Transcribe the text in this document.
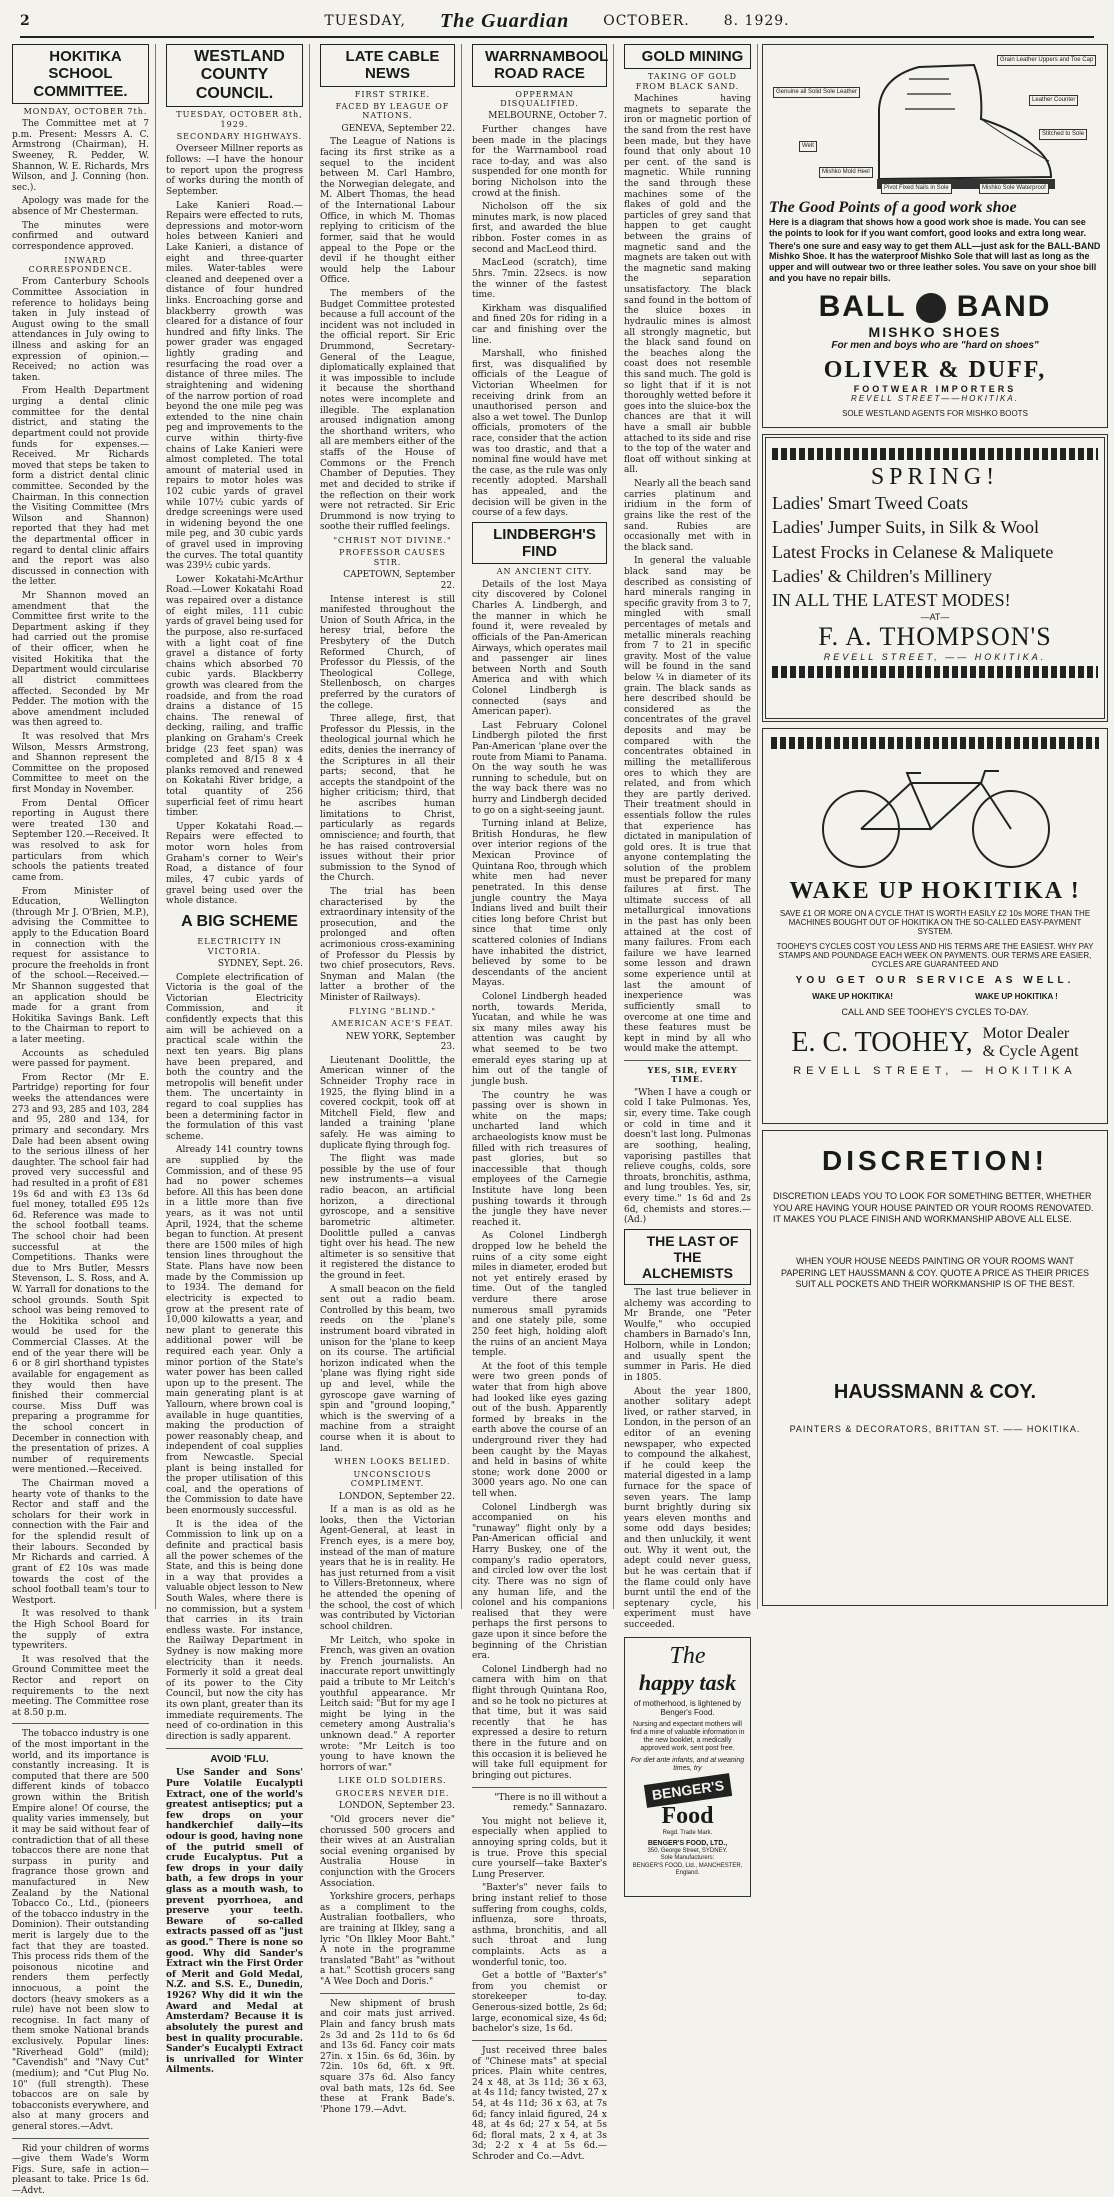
2	TUESDAY, The Guardian OCTOBER. 8. 1929.

HOKITIKA SCHOOL COMMITTEE.

MONDAY, OCTOBER 7th.

The Committee met at 7 p.m. Present: Messrs A. C. Armstrong (Chairman), H. Sweeney, R. Pedder, W. Shannon, W. E. Richards, Mrs Wilson, and J. Conning (hon. sec.).

Apology was made for the absence of Mr Chesterman.

The minutes were confirmed and outward correspondence approved.

INWARD CORRESPONDENCE.

From Canterbury Schools Committee Association in reference to holidays being taken in July instead of August owing to the small attendances in July owing to illness and asking for an expression of opinion.—Received; no action was taken.

From Health Department urging a dental clinic committee for the dental district, and stating the department could not provide funds for expenses.—Received. Mr Richards moved that steps be taken to form a district dental clinic committee. Seconded by the Chairman. In this connection the Visiting Committee (Mrs Wilson and Shannon) reported that they had met the departmental officer in regard to dental clinic affairs and the report was also discussed in connection with the letter.

Mr Shannon moved an amendment that the Committee first write to the Department asking if they had carried out the promise of their officer, when he visited Hokitika that the Department would circularise all district committees affected. Seconded by Mr Pedder. The motion with the above amendment included was then agreed to.

It was resolved that Mrs Wilson, Messrs Armstrong, and Shannon represent the Committee on the proposed Committee to meet on the first Monday in November.

From Dental Officer reporting in August there were treated 130 and September 120.—Received. It was resolved to ask for particulars from which schools the patients treated came from.

From Minister of Education, Wellington (through Mr J. O'Brien, M.P.), advising the Committee to apply to the Education Board in connection with the request for assistance to procure the freeholds in front of the school.—Received.—Mr Shannon suggested that an application should be made for a grant from Hokitika Savings Bank. Left to the Chairman to report to a later meeting.

Accounts as scheduled were passed for payment.

From Rector (Mr E. Partridge) reporting for four weeks the attendances were 273 and 93, 285 and 103, 284 and 95, 280 and 134, for primary and secondary. Mrs Dale had been absent owing to the serious illness of her daughter. The school fair had proved very successful and had resulted in a profit of £81 19s 6d and with £3 13s 6d fuel money, totalled £95 12s 6d. Reference was made to the school football teams. The school choir had been successful at the Competitions. Thanks were due to Mrs Butler, Messrs Stevenson, L. S. Ross, and A. W. Yarrall for donations to the school grounds. South Spit school was being removed to the Hokitika school and would be used for the Commercial Classes. At the end of the year there will be 6 or 8 girl shorthand typistes available for engagement as they would then have finished their commercial course. Miss Duff was preparing a programme for the school concert in December in connection with the presentation of prizes. A number of requirements were mentioned.—Received.

The Chairman moved a hearty vote of thanks to the Rector and staff and the scholars for their work in connection with the Fair and for the splendid result of their labours. Seconded by Mr Richards and carried. A grant of £2 10s was made towards the cost of the school football team's tour to Westport.

It was resolved to thank the High School Board for the supply of extra typewriters.

It was resolved that the Ground Committee meet the Rector and report on requirements to the next meeting. The Committee rose at 8.50 p.m.

The tobacco industry is one of the most important in the world, and its importance is constantly increasing. It is computed that there are 500 different kinds of tobacco grown within the British Empire alone! Of course, the quality varies immensely, but it may be said without fear of contradiction that of all these tobaccos there are none that surpass in purity and fragrance those grown and manufactured in New Zealand by the National Tobacco Co., Ltd., (pioneers of the tobacco industry in the Dominion). Their outstanding merit is largely due to the fact that they are toasted. This process rids them of the poisonous nicotine and renders them perfectly innocuous, a point the doctors (heavy smokers as a rule) have not been slow to recognise. In fact many of them smoke National brands exclusively. Popular lines: "Riverhead Gold" (mild); "Cavendish" and "Navy Cut" (medium); and "Cut Plug No. 10" (full strength). These tobaccos are on sale by tobacconists everywhere, and also at many grocers and general stores.—Advt.

Rid your children of worms—give them Wade's Worm Figs. Sure, safe in action—pleasant to take. Price 1s 6d.—Advt.

WESTLAND COUNTY COUNCIL.

TUESDAY, OCTOBER 8th, 1929.

SECONDARY HIGHWAYS.

Overseer Millner reports as follows: —I have the honour to report upon the progress of works during the month of September.

Lake Kanieri Road.—Repairs were effected to ruts, depressions and motor-worn holes between Kanieri and Lake Kanieri, a distance of eight and three-quarter miles. Water-tables were cleaned and deepened over a distance of four hundred links. Encroaching gorse and blackberry growth was cleared for a distance of four hundred and fifty links. The power grader was engaged lightly grading and resurfacing the road over a distance of three miles. The straightening and widening of the narrow portion of road beyond the one mile peg was extended to the nine chain peg and improvements to the curve within thirty-five chains of Lake Kanieri were almost completed. The total amount of material used in repairs to motor holes was 102 cubic yards of gravel while 107½ cubic yards of dredge screenings were used in widening beyond the one mile peg, and 30 cubic yards of gravel used in improving the curves. The total quantity was 239½ cubic yards.

Lower Kokatahi-McArthur Road.—Lower Kokatahi Road was repaired over a distance of eight miles, 111 cubic yards of gravel being used for the purpose, also re-surfaced with a light coat of fine gravel a distance of forty chains which absorbed 70 cubic yards. Blackberry growth was cleared from the roadside, and from the road drains a distance of 15 chains. The renewal of decking, railing, and traffic planking on Graham's Creek bridge (23 feet span) was completed and 8/15 8 x 4 planks removed and renewed on Kokatahi River bridge, a total quantity of 256 superficial feet of rimu heart timber.

Upper Kokatahi Road.—Repairs were effected to motor worn holes from Graham's corner to Weir's Road, a distance of four miles, 47 cubic yards of gravel being used over the whole distance.

A BIG SCHEME

ELECTRICITY IN VICTORIA.

SYDNEY, Sept. 26.

Complete electrification of Victoria is the goal of the Victorian Electricity Commission, and it confidently expects that this aim will be achieved on a practical scale within the next ten years. Big plans have been prepared, and both the country and the metropolis will benefit under them. The uncertainty in regard to coal supplies has been a determining factor in the formulation of this vast scheme.

Already 141 country towns are supplied by the Commission, and of these 95 had no power schemes before. All this has been done in a little more than five years, as it was not until April, 1924, that the scheme began to function. At present there are 1500 miles of high tension lines throughout the State. Plans have now been made by the Commission up to 1934. The demand for electricity is expected to grow at the present rate of 10,000 kilowatts a year, and new plant to generate this additional power will be required each year. Only a minor portion of the State's water power has been called upon up to the present. The main generating plant is at Yallourn, where brown coal is available in huge quantities, making the production of power reasonably cheap, and independent of coal supplies from Newcastle. Special plant is being installed for the proper utilisation of this coal, and the operations of the Commission to date have been enormously successful.

It is the idea of the Commission to link up on a definite and practical basis all the power schemes of the State, and this is being done in a way that provides a valuable object lesson to New South Wales, where there is no commission, but a system that carries in its train endless waste. For instance, the Railway Department in Sydney is now making more electricity than it needs. Formerly it sold a great deal of its power to the City Council, but now the city has its own plant, greater than its immediate requirements. The need of co-ordination in this direction is sadly apparent.

AVOID 'FLU.

Use Sander and Sons' Pure Volatile Eucalypti Extract, one of the world's greatest antiseptics; put a few drops on your handkerchief daily—its odour is good, having none of the putrid smell of crude Eucalyptus. Put a few drops in your daily bath, a few drops in your glass as a mouth wash, to prevent pyorrhoea, and preserve your teeth. Beware of so-called extracts passed off as "just as good." There is none so good. Why did Sander's Extract win the First Order of Merit and Gold Medal, N.Z. and S.S. E., Dunedin, 1926? Why did it win the Award and Medal at Amsterdam? Because it is absolutely the purest and best in quality procurable. Sander's Eucalypti Extract is unrivalled for Winter Ailments.

LATE CABLE NEWS

FIRST STRIKE.

FACED BY LEAGUE OF NATIONS.

GENEVA, September 22.

The League of Nations is facing its first strike as a sequel to the incident between M. Carl Hambro, the Norwegian delegate, and M. Albert Thomas, the head of the International Labour Office, in which M. Thomas replying to criticism of the former, said that he would appeal to the Pope or the devil if he thought either would help the Labour Office.

The members of the Budget Committee protested because a full account of the incident was not included in the official report. Sir Eric Drummond, Secretary-General of the League, diplomatically explained that it was impossible to include it because the shorthand notes were incomplete and illegible. The explanation aroused indignation among the shorthand writers, who all are members either of the staffs of the House of Commons or the French Chamber of Deputies. They met and decided to strike if the reflection on their work were not retracted. Sir Eric Drummond is now trying to soothe their ruffled feelings.

"CHRIST NOT DIVINE."

PROFESSOR CAUSES STIR.

CAPETOWN, September 22.

Intense interest is still manifested throughout the Union of South Africa, in the heresy trial, before the Presbytery of the Dutch Reformed Church, of Professor du Plessis, of the Theological College, Stellenbosch, on charges preferred by the curators of the college.

Three allege, first, that Professor du Plessis, in the theological journal which he edits, denies the inerrancy of the Scriptures in all their parts; second, that he accepts the standpoint of the higher criticism; third, that he ascribes human limitations to Christ, particularly as regards omniscience; and fourth, that he has raised controversial issues without their prior submission to the Synod of the Church.

The trial has been characterised by the extraordinary intensity of the prosecution, and the prolonged and often acrimonious cross-examining of Professor du Plessis by two chief prosecutors, Revs. Snyman and Malan (the latter a brother of the Minister of Railways).

FLYING "BLIND."

AMERICAN ACE'S FEAT.

NEW YORK, September 23.

Lieutenant Doolittle, the American winner of the Schneider Trophy race in 1925, the flying blind in a covered cockpit, took off at Mitchell Field, flew and landed a training 'plane safely. He was aiming to duplicate flying through fog.

The flight was made possible by the use of four new instruments—a visual radio beacon, an artificial horizon, a directional gyroscope, and a sensitive barometric altimeter. Doolittle pulled a canvas tight over his head. The new altimeter is so sensitive that it registered the distance to the ground in feet.

A small beacon on the field sent out a radio beam. Controlled by this beam, two reeds on the 'plane's instrument board vibrated in unison for the 'plane to keep on its course. The artificial horizon indicated when the 'plane was flying right side up and level, while the gyroscope gave warning of spin and "ground looping," which is the swerving of a machine from a straight course when it is about to land.

WHEN LOOKS BELIED.

UNCONSCIOUS COMPLIMENT.

LONDON, September 22.

If a man is as old as he looks, then the Victorian Agent-General, at least in French eyes, is a mere boy, instead of the man of mature years that he is in reality. He has just returned from a visit to Villers-Bretonneux, where he attended the opening of the school, the cost of which was contributed by Victorian school children.

Mr Leitch, who spoke in French, was given an ovation by French journalists. An inaccurate report unwittingly paid a tribute to Mr Leitch's youthful appearance. Mr Leitch said: "But for my age I might be lying in the cemetery among Australia's unknown dead." A reporter wrote: "Mr Leitch is too young to have known the horrors of war."

LIKE OLD SOLDIERS.

GROCERS NEVER DIE.

LONDON, September 23.

"Old grocers never die" chorussed 500 grocers and their wives at an Australian social evening organised by Australia House in conjunction with the Grocers Association.

Yorkshire grocers, perhaps as a compliment to the Australian footballers, who are training at Ilkley, sang a lyric "On Ilkley Moor Baht." A note in the programme translated "Baht" as "without a hat." Scottish grocers sang "A Wee Doch and Doris."

New shipment of brush and coir mats just arrived. Plain and fancy brush mats 2s 3d and 2s 11d to 6s 6d and 13s 6d. Fancy coir mats 27in. x 15in. 6s 6d, 36in. by 72in. 10s 6d, 6ft. x 9ft. square 37s 6d. Also fancy oval bath mats, 12s 6d. See these at Frank Bade's. 'Phone 179.—Advt.

WARRNAMBOOL ROAD RACE

OPPERMAN DISQUALIFIED.

MELBOURNE, October 7.

Further changes have been made in the placings for the Warrnambool road race to-day, and was also suspended for one month for boring Nicholson into the crowd at the finish.

Nicholson off the six minutes mark, is now placed first, and awarded the blue ribbon. Foster comes in as second and MacLeod third.

MacLeod (scratch), time 5hrs. 7min. 22secs. is now the winner of the fastest time.

Kirkham was disqualified and fined 20s for riding in a car and finishing over the line.

Marshall, who finished first, was disqualified by officials of the League of Victorian Wheelmen for receiving drink from an unauthorised person and also a wet towel. The Dunlop officials, promoters of the race, consider that the action was too drastic, and that a nominal fine would have met the case, as the rule was only recently adopted. Marshall has appealed, and the decision will be given in the course of a few days.

LINDBERGH'S FIND

AN ANCIENT CITY.

Details of the lost Maya city discovered by Colonel Charles A. Lindbergh, and the manner in which he found it, were revealed by officials of the Pan-American Airways, which operates mail and passenger air lines between North and South America and with which Colonel Lindbergh is connected (says and American paper).

Last February Colonel Lindbergh piloted the first Pan-American 'plane over the route from Miami to Panama. On the way south he was running to schedule, but on the way back there was no hurry and Lindbergh decided to go on a sight-seeing jaunt.

Turning inland at Belize, British Honduras, he flew over interior regions of the Mexican Province of Quintana Roo, through which white men had never penetrated. In this dense jungle country the Maya Indians lived and built their cities long before Christ but since that time only scattered colonies of Indians have inhabited the district, believed by some to be descendants of the ancient Mayas.

Colonel Lindbergh headed north, towards Merida, Yucatan, and while he was six many miles away his attention was caught by what seemed to be two emerald eyes staring up at him out of the tangle of jungle bush.

The country he was passing over is shown in white on the maps; uncharted land which archaeologists know must be filled with rich treasures of past glories, but so inaccessible that though employees of the Carnegie Institute have long been pushing towards it through the jungle they have never reached it.

As Colonel Lindbergh dropped low he beheld the ruins of a city some eight miles in diameter, eroded but not yet entirely erased by time. Out of the tangled verdure there arose numerous small pyramids and one stately pile, some 250 feet high, holding aloft the ruins of an ancient Maya temple.

At the foot of this temple were two green ponds of water that from high above had looked like eyes gazing out of the bush. Apparently formed by breaks in the earth above the course of an underground river they had been caught by the Mayas and held in basins of white stone; work done 2000 or 3000 years ago. No one can tell when.

Colonel Lindbergh was accompanied on his "runaway" flight only by a Pan-American official and Harry Buskey, one of the company's radio operators, and circled low over the lost city. There was no sign of any human life, and the colonel and his companions realised that they were perhaps the first persons to gaze upon it since before the beginning of the Christian era.

Colonel Lindbergh had no camera with him on that flight through Quintana Roo, and so he took no pictures at that time, but it was said recently that he has expressed a desire to return there in the future and on this occasion it is believed he will take full equipment for bringing out pictures.

"There is no ill without a remedy." Sannazaro.

You might not believe it, especially when applied to annoying spring colds, but it is true. Prove this special cure yourself—take Baxter's Lung Preserver.

"Baxter's" never fails to bring instant relief to those suffering from coughs, colds, influenza, sore throats, asthma, bronchitis, and all such throat and lung complaints. Acts as a wonderful tonic, too.

Get a bottle of "Baxter's" from you chemist or storekeeper to-day. Generous-sized bottle, 2s 6d; large, economical size, 4s 6d; bachelor's size, 1s 6d.

Just received three bales of "Chinese mats" at special prices. Plain white centres, 24 x 48, at 3s 11d; 36 x 63, at 4s 11d; fancy twisted, 27 x 54, at 4s 11d; 36 x 63, at 7s 6d; fancy inlaid figured, 24 x 48, at 4s 6d; 27 x 54, at 5s 6d; floral mats, 2 x 4, at 3s 3d; 2·2 x 4 at 5s 6d.—Schroder and Co.—Advt.

GOLD MINING

TAKING OF GOLD FROM BLACK SAND.

Machines having magnets to separate the iron or magnetic portion of the sand from the rest have been made, but they have found that only about 10 per cent. of the sand is magnetic. While running the sand through these machines some of the flakes of gold and the particles of grey sand that happen to get caught between the grains of magnetic sand and the magnets are taken out with the magnetic sand making the separation unsatisfactory. The black sand found in the bottom of the sluice boxes in hydraulic mines is almost all strongly magnetic, but the black sand found on the beaches along the coast does not resemble this sand much. The gold is so light that if it is not thoroughly wetted before it goes into the sluice-box the chances are that it will have a small air bubble attached to its side and rise to the top of the water and float off without sinking at all.

Nearly all the beach sand carries platinum and iridium in the form of grains like the rest of the sand. Rubies are occasionally met with in the black sand.

In general the valuable black sand may be described as consisting of hard minerals ranging in specific gravity from 3 to 7, mingled with small percentages of metals and metallic minerals reaching from 7 to 21 in specific gravity. Most of the value will be found in the sand below ¼ in diameter of its grain. The black sands as here described should be considered as the concentrates of the gravel deposits and may be compared with the concentrates obtained in milling the metalliferous ores to which they are related, and from which they are partly derived. Their treatment should in essentials follow the rules that experience has dictated in manipulation of gold ores. It is true that anyone contemplating the solution of the problem must be prepared for many failures at first. The ultimate success of all metallurgical innovations in the past has only been attained at the cost of many failures. From each failure we have learned some lesson and drawn some experience until at last the amount of inexperience was sufficiently small to overcome at one time and these features must be kept in mind by all who would make the attempt.

YES, SIR, EVERY TIME.

"When I have a cough or cold I take Pulmonas. Yes, sir, every time. Take cough or cold in time and it doesn't last long. Pulmonas are soothing, healing, vaporising pastilles that relieve coughs, colds, sore throats, bronchitis, asthma, and lung troubles. Yes, sir, every time." 1s 6d and 2s 6d, chemists and stores.—(Ad.)

THE LAST OF THE ALCHEMISTS

The last true believer in alchemy was according to Mr Brande, one "Peter Woulfe," who occupied chambers in Barnado's Inn, Holborn, while in London; and usually spent the summer in Paris. He died in 1805.

About the year 1800, another solitary adept lived, or rather starved, in London, in the person of an editor of an evening newspaper, who expected to compound the alkahest, if he could keep the material digested in a lamp furnace for the space of seven years. The lamp burnt brightly during six years eleven months and some odd days besides; and then unluckily, it went out. Why it went out, the adept could never guess, but he was certain that if the flame could only have burnt until the end of the septenary cycle, his experiment must have succeeded.

The
happy task
of motherhood, is lightened by Benger's Food.
Nursing and expectant mothers will find a mine of valuable information in the new booklet, a medically approved work, sent post free.
For diet ante infants, and at weaning times, try
BENGER'S
Food
Regd. Trade Mark.
BENGER'S FOOD, LTD.,
350, George Street, SYDNEY.
Sole Manufacturers:
BENGER'S FOOD, Ltd., MANCHESTER, England.
Grain Leather Uppers and Toe Cap
Genuine all Solid Sole Leather
Leather Counter
Stitched to Sole
Welt
Mishko Mold Heel
Pivot Fixed Nails in Sole	Mishko Sole Waterproof
The Good Points of a good work shoe
Here is a diagram that shows how a good work shoe is made. You can see the points to look for if you want comfort, good looks and extra long wear.
There's one sure and easy way to get them ALL—just ask for the BALL-BAND Mishko Shoe. It has the waterproof Mishko Sole that will last as long as the upper and will outwear two or three leather soles. You save on your shoe bill and you have no repair bills.
BALL BAND
MISHKO SHOES
For men and boys who are "hard on shoes"
OLIVER & DUFF,
FOOTWEAR IMPORTERS
REVELL STREET——HOKITIKA.
SOLE WESTLAND AGENTS FOR MISHKO BOOTS
SPRING!
Ladies' Smart Tweed Coats
Ladies' Jumper Suits, in Silk & Wool
Latest Frocks in Celanese & Maliquete
Ladies' & Children's Millinery
IN ALL THE LATEST MODES!
—AT—
F. A. THOMPSON'S
REVELL STREET, —— HOKITIKA.
WAKE UP HOKITIKA !
SAVE £1 OR MORE ON A CYCLE THAT IS WORTH EASILY £2 10s MORE THAN THE MACHINES BOUGHT OUT OF HOKITIKA ON THE SO-CALLED EASY-PAYMENT SYSTEM.
TOOHEY'S CYCLES COST YOU LESS AND HIS TERMS ARE THE EASIEST. WHY PAY STAMPS AND POUNDAGE EACH WEEK ON PAYMENTS. OUR TERMS ARE EASIER, CYCLES ARE GUARANTEED AND
YOU GET OUR SERVICE AS WELL.
WAKE UP HOKITIKA!	WAKE UP HOKITIKA !
CALL AND SEE TOOHEY'S CYCLES TO-DAY.
E. C. TOOHEY, Motor Dealer
& Cycle Agent
REVELL STREET, — HOKITIKA
DISCRETION!
DISCRETION LEADS YOU TO LOOK FOR SOMETHING BETTER, WHETHER YOU ARE HAVING YOUR HOUSE PAINTED OR YOUR ROOMS RENOVATED. IT MAKES YOU PLACE FINISH AND WORKMANSHIP ABOVE ALL ELSE.
WHEN YOUR HOUSE NEEDS PAINTING OR YOUR ROOMS WANT PAPERING LET HAUSSMANN & COY. QUOTE A PRICE AS THEIR PRICES SUIT ALL POCKETS AND THEIR WORKMANSHIP IS OF THE BEST.
HAUSSMANN & COY.
PAINTERS & DECORATORS, BRITTAN ST. —— HOKITIKA.
